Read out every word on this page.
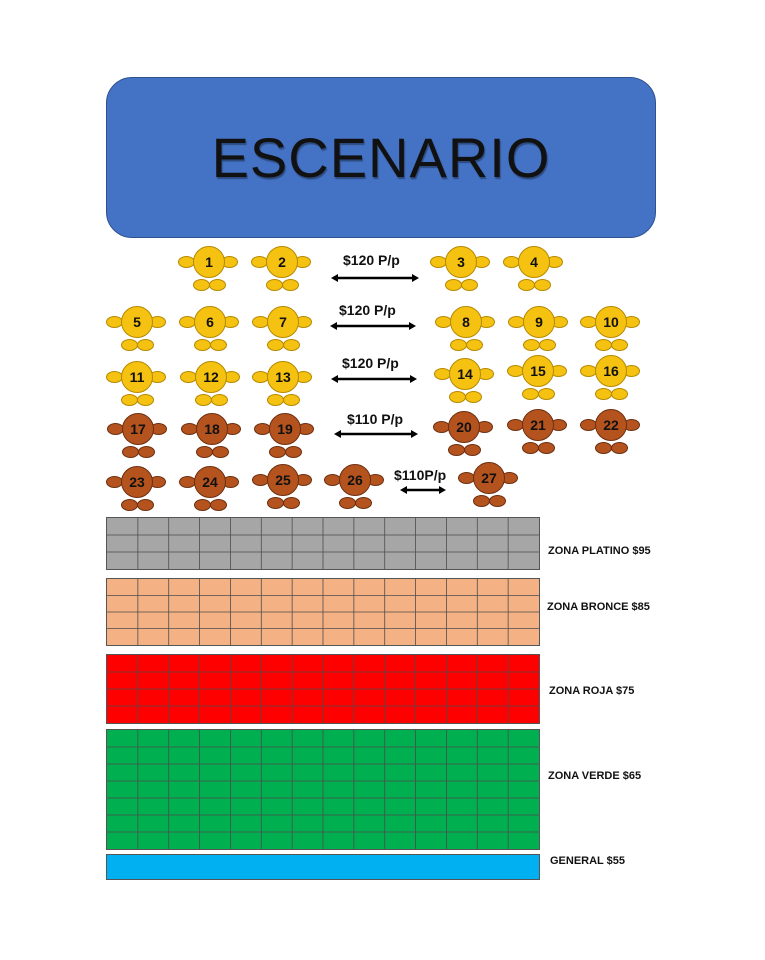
ESCENARIO
1	2	3	4
5	6	7	8	9	10
11	12	13	14	15	16
17	18	19	20	21	22
23	24	25	26	27
$120 P/p
$120 P/p
$120 P/p
$110 P/p
$110P/p
ZONA PLATINO $95
ZONA BRONCE $85
ZONA ROJA $75
ZONA VERDE $65
GENERAL $55
